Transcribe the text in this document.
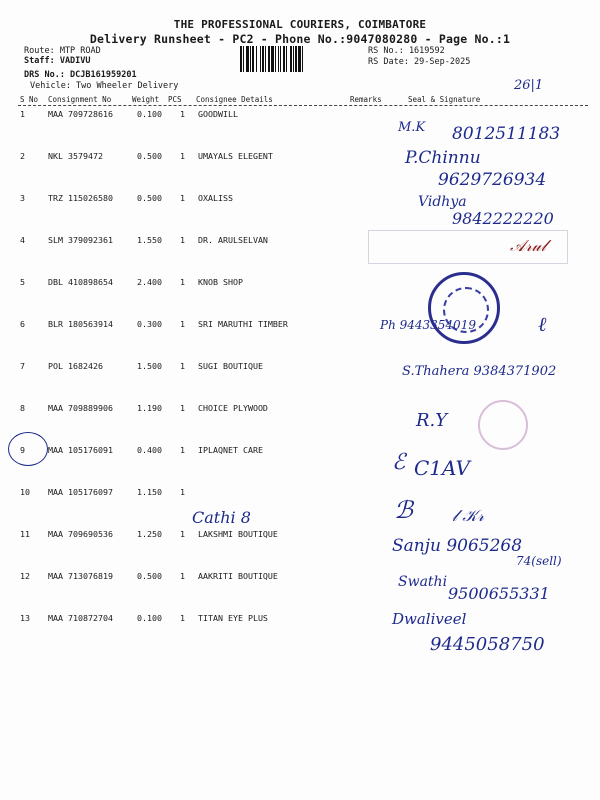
THE PROFESSIONAL COURIERS, COIMBATORE
Delivery Runsheet - PC2 - Phone No.:9047080280 - Page No.:1
Route: MTP ROAD
Staff: VADIVU
DRS No.: DCJB161959201
Vehicle: Two Wheeler Delivery
RS No.: 1619592
RS Date: 29-Sep-2025
26|1
S No Consignment No	Weight PCS Consignee Details	Remarks	Seal & Signature
1	MAA 709728616	0.100 1 GOODWILL
2	NKL 3579472	0.500 1 UMAYALS ELEGENT
3	TRZ 115026580	0.500 1 OXALISS
4	SLM 379092361	1.550 1 DR. ARULSELVAN
5	DBL 410898654	2.400 1 KNOB SHOP
6	BLR 180563914	0.300 1 SRI MARUTHI TIMBER
7	POL 1682426	1.500 1 SUGI BOUTIQUE
8	MAA 709889906	1.190 1 CHOICE PLYWOOD
9	MAA 105176091	0.400 1 IPLAQNET CARE
10 MAA 105176097	1.150 1
11 MAA 709690536	1.250 1 LAKSHMI BOUTIQUE
12 MAA 713076819	0.500 1 AAKRITI BOUTIQUE
13 MAA 710872704	0.100 1 TITAN EYE PLUS
M.K 8012511183
P.Chinnu
9629726934
Vidhya
9842222220
𝒜𝓇𝓊𝓁
Ph 9443354019	ℓ
S.Thahera 9384371902
R.Y
ℰ C1AV
ℬ 𝓁 𝒦𝓇
Cathi 8
Sanju 9065268
74(sell)
Swathi
9500655331
Dwaliveel
9445058750
